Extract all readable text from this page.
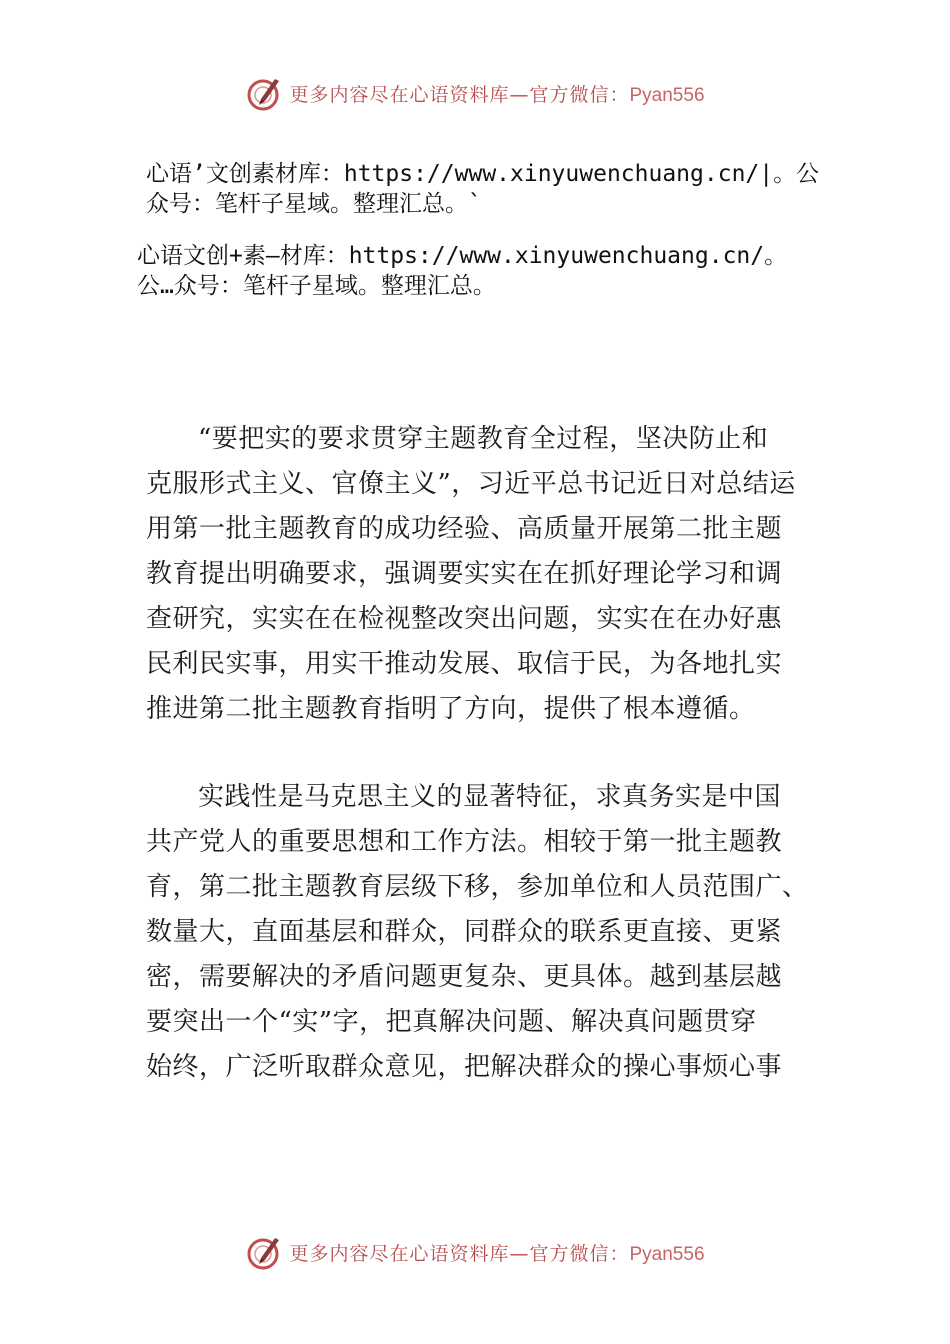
更多内容尽在心语资料库—官方微信：Pyan556
心语’文创素材库：https://www.xinyuwenchuang.cn/|。公
众号：笔杆子星域。整理汇总。`
心语文创+素—材库：https://www.xinyuwenchuang.cn/。
公…众号：笔杆子星域。整理汇总。
“要把实的要求贯穿主题教育全过程，坚决防止和
克服形式主义、官僚主义”，习近平总书记近日对总结运
用第一批主题教育的成功经验、高质量开展第二批主题
教育提出明确要求，强调要实实在在抓好理论学习和调
查研究，实实在在检视整改突出问题，实实在在办好惠
民利民实事，用实干推动发展、取信于民，为各地扎实
推进第二批主题教育指明了方向，提供了根本遵循。
实践性是马克思主义的显著特征，求真务实是中国
共产党人的重要思想和工作方法。相较于第一批主题教
育，第二批主题教育层级下移，参加单位和人员范围广、
数量大，直面基层和群众，同群众的联系更直接、更紧
密，需要解决的矛盾问题更复杂、更具体。越到基层越
要突出一个“实”字，把真解决问题、解决真问题贯穿
始终，广泛听取群众意见，把解决群众的操心事烦心事
更多内容尽在心语资料库—官方微信：Pyan556
